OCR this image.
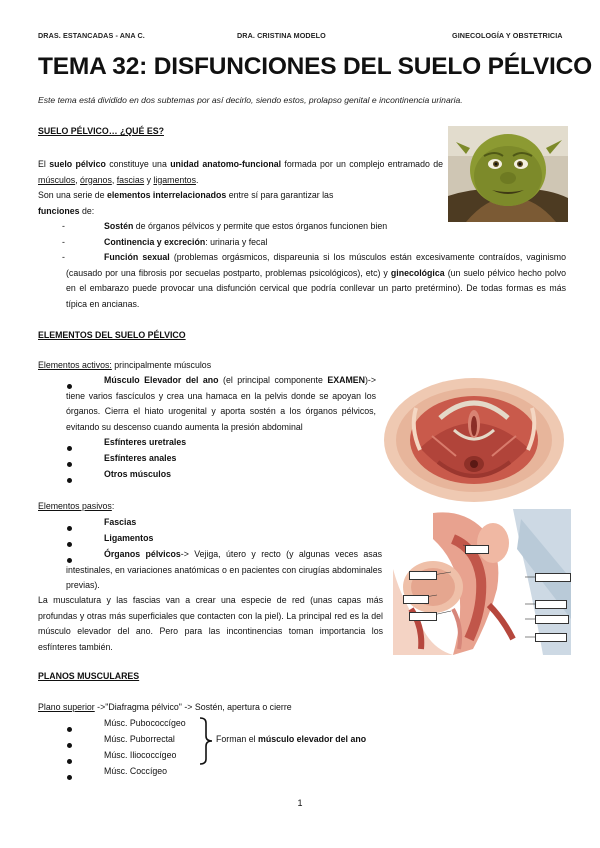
DRAS. ESTANCADAS - ANA C.	DRA. CRISTINA MODELO	GINECOLOGÍA Y OBSTETRICIA
TEMA 32: DISFUNCIONES DEL SUELO PÉLVICO
Este tema está dividido en dos subtemas por así decirlo, siendo estos, prolapso genital e incontinencia urinaria.
SUELO PÉLVICO… ¿QUÉ ES?
El suelo pélvico constituye una unidad anatomo-funcional formada por un complejo entramado de músculos, órganos, fascias y ligamentos.
Son una serie de elementos interrelacionados entre sí para garantizar las
funciones de:
-	Sostén de órganos pélvicos y permite que estos órganos funcionen bien
-	Continencia y excreción: urinaria y fecal
-	Función sexual (problemas orgásmicos, dispareunia si los músculos están excesivamente contraídos, vaginismo (causado por una fibrosis por secuelas postparto, problemas psicológicos), etc) y ginecológica (un suelo pélvico hecho polvo en el embarazo puede provocar una disfunción cervical que podría conllevar un parto pretérmino). De todas formas es más típica en ancianas.
ELEMENTOS DEL SUELO PÉLVICO
Elementos activos: principalmente músculos
Músculo Elevador del ano (el principal componente EXAMEN)-> tiene varios fascículos y crea una hamaca en la pelvis donde se apoyan los órganos. Cierra el hiato urogenital y aporta sostén a los órganos pélvicos, evitando su descenso cuando aumenta la presión abdominal
Esfínteres uretrales
Esfínteres anales
Otros músculos
Elementos pasivos:
Fascias
Ligamentos
Órganos pélvicos-> Vejiga, útero y recto (y algunas veces asas intestinales, en variaciones anatómicas o en pacientes con cirugías abdominales previas).
La musculatura y las fascias van a crear una especie de red (unas capas más profundas y otras más superficiales que contacten con la piel). La principal red es la del músculo elevador del ano. Pero para las incontinencias toman importancia los esfínteres también.
PLANOS MUSCULARES
Plano superior ->"Diafragma pélvico" -> Sostén, apertura o cierre
Músc. Pubococcígeo
Músc. Puborrectal
Músc. Iliococcígeo
Músc. Coccígeo
Forman el músculo elevador del ano
1
